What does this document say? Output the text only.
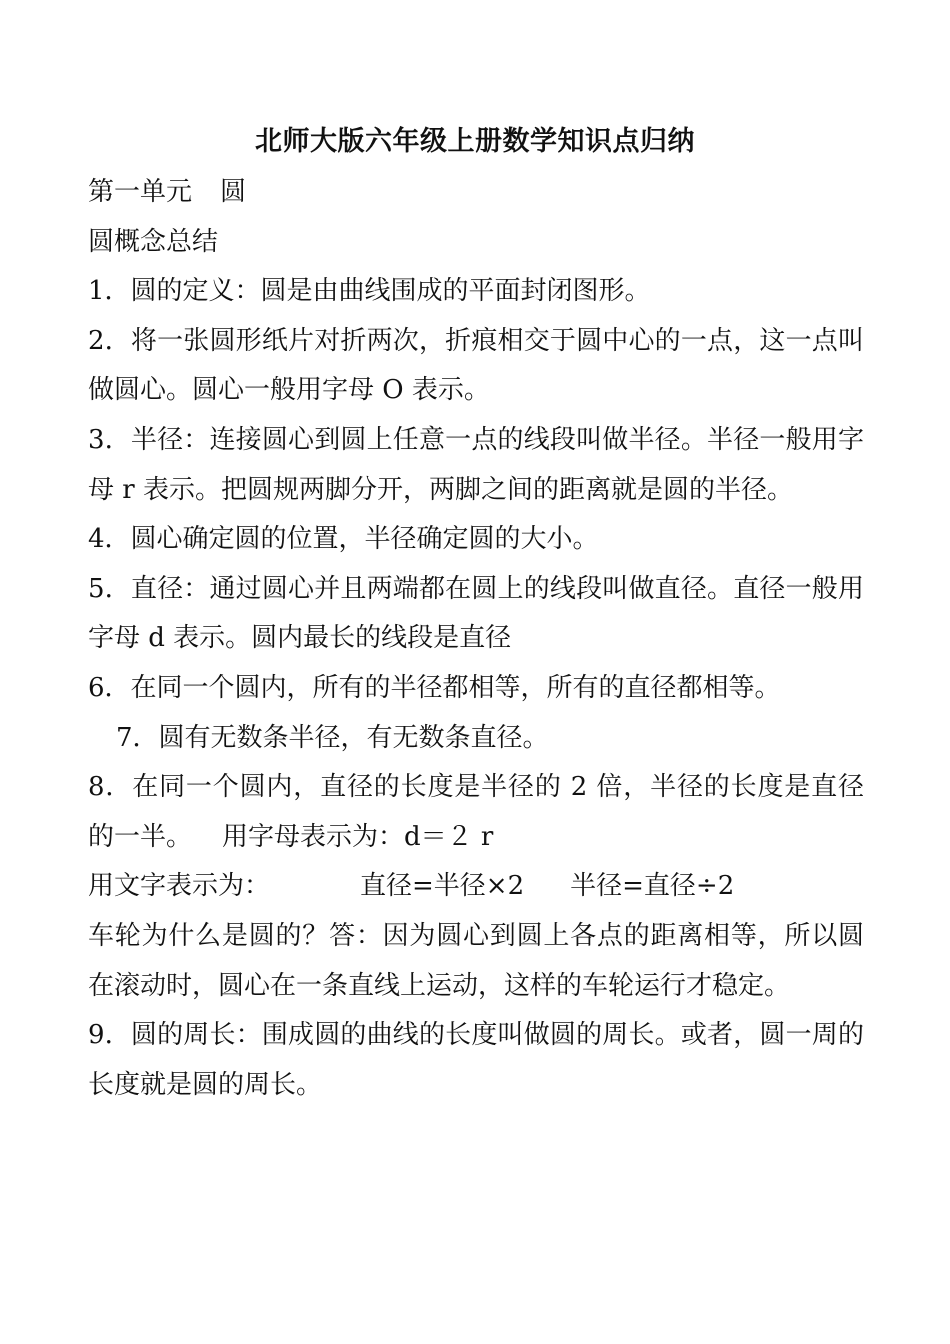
北师大版六年级上册数学知识点归纳

第一单元 圆

圆概念总结

1．圆的定义：圆是由曲线围成的平面封闭图形。

2．将一张圆形纸片对折两次，折痕相交于圆中心的一点，这一点叫做圆心。圆心一般用字母 O 表示。

3．半径：连接圆心到圆上任意一点的线段叫做半径。半径一般用字母 r 表示。把圆规两脚分开，两脚之间的距离就是圆的半径。

4．圆心确定圆的位置，半径确定圆的大小。

5．直径：通过圆心并且两端都在圆上的线段叫做直径。直径一般用字母 d 表示。圆内最长的线段是直径

6．在同一个圆内，所有的半径都相等，所有的直径都相等。

7．圆有无数条半径，有无数条直径。

8．在同一个圆内，直径的长度是半径的 2 倍，半径的长度是直径的一半。 用字母表示为：d＝２ r

用文字表示为：	直径=半径×2 半径=直径÷2

车轮为什么是圆的？答：因为圆心到圆上各点的距离相等，所以圆在滚动时，圆心在一条直线上运动，这样的车轮运行才稳定。

9．圆的周长：围成圆的曲线的长度叫做圆的周长。或者，圆一周的长度就是圆的周长。
